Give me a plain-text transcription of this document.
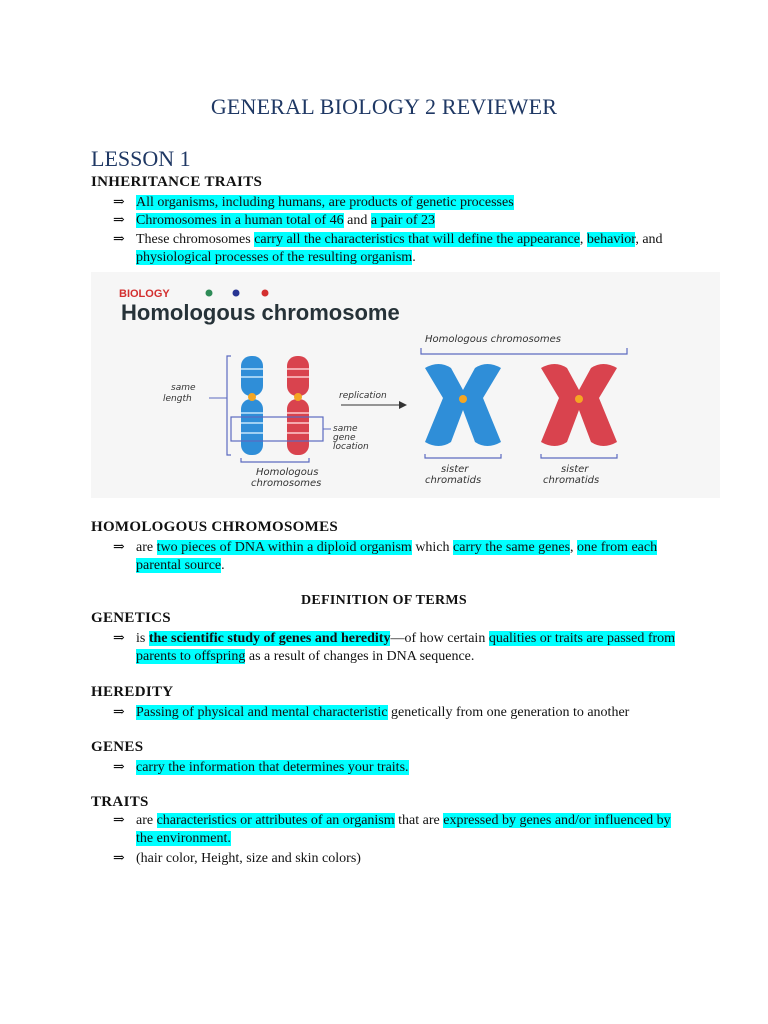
GENERAL BIOLOGY 2 REVIEWER
LESSON 1
INHERITANCE TRAITS
⇒ All organisms, including humans, are products of genetic processes
⇒ Chromosomes in a human total of 46 and a pair of 23
⇒ These chromosomes carry all the characteristics that will define the appearance, behavior, and physiological processes of the resulting organism.
BIOLOGY
Homologous chromosome
same length
same gene location
Homologous chromosomes
replication
Homologous chromosomes
sister chromatids
sister chromatids
HOMOLOGOUS CHROMOSOMES
⇒ are two pieces of DNA within a diploid organism which carry the same genes, one from each parental source.
DEFINITION OF TERMS
GENETICS
⇒ is the scientific study of genes and heredity—of how certain qualities or traits are passed from parents to offspring as a result of changes in DNA sequence.
HEREDITY
⇒ Passing of physical and mental characteristic genetically from one generation to another
GENES
⇒ carry the information that determines your traits.
TRAITS
⇒ are characteristics or attributes of an organism that are expressed by genes and/or influenced by the environment.
⇒ (hair color, Height, size and skin colors)
